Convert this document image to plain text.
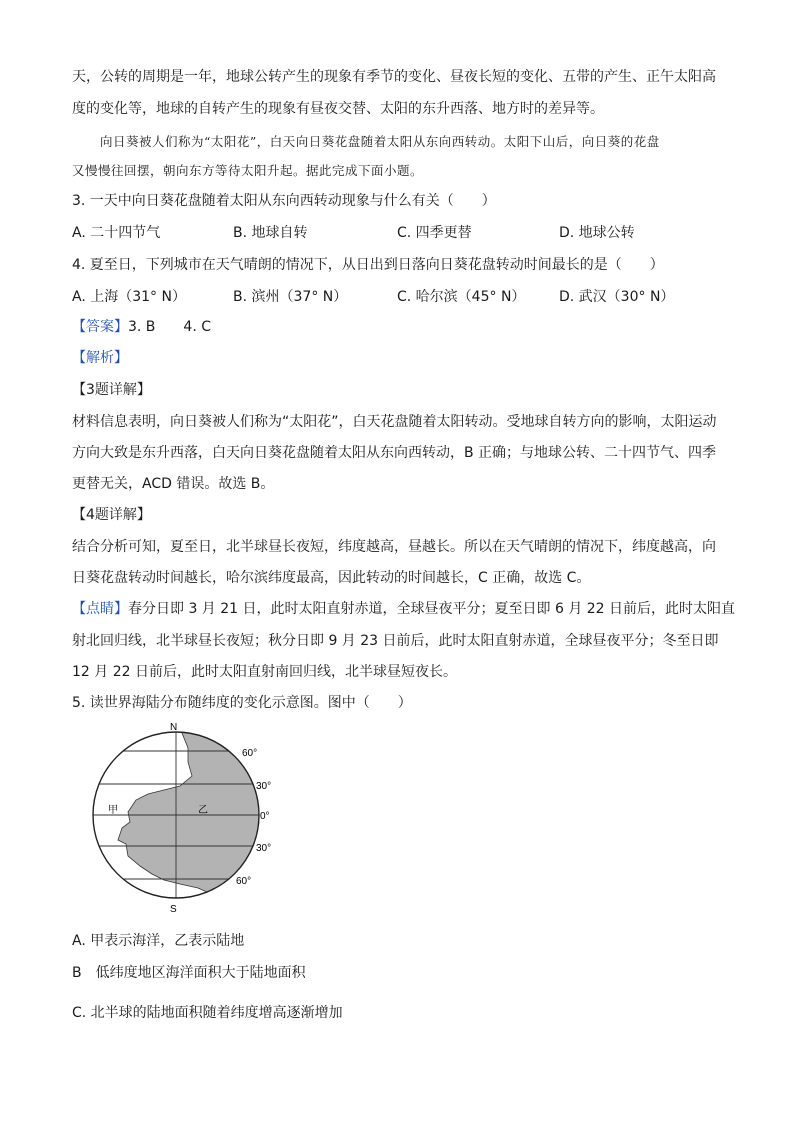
天，公转的周期是一年，地球公转产生的现象有季节的变化、昼夜长短的变化、五带的产生、正午太阳高
度的变化等，地球的自转产生的现象有昼夜交替、太阳的东升西落、地方时的差异等。
向日葵被人们称为“太阳花”，白天向日葵花盘随着太阳从东向西转动。太阳下山后，向日葵的花盘
又慢慢往回摆，朝向东方等待太阳升起。据此完成下面小题。
3. 一天中向日葵花盘随着太阳从东向西转动现象与什么有关（　　）
A. 二十四节气	B. 地球自转	C. 四季更替	D. 地球公转
4. 夏至日，下列城市在天气晴朗的情况下，从日出到日落向日葵花盘转动时间最长的是（　　）
A. 上海（31° N）	B. 滨州（37° N）	C. 哈尔滨（45° N） D. 武汉（30° N）
【答案】3. B　　4. C
【解析】
【3题详解】
材料信息表明，向日葵被人们称为“太阳花”，白天花盘随着太阳转动。受地球自转方向的影响，太阳运动
方向大致是东升西落，白天向日葵花盘随着太阳从东向西转动，B 正确；与地球公转、二十四节气、四季
更替无关，ACD 错误。故选 B。
【4题详解】
结合分析可知，夏至日，北半球昼长夜短，纬度越高，昼越长。所以在天气晴朗的情况下，纬度越高，向
日葵花盘转动时间越长，哈尔滨纬度最高，因此转动的时间越长，C 正确，故选 C。
【点睛】春分日即 3 月 21 日，此时太阳直射赤道，全球昼夜平分；夏至日即 6 月 22 日前后，此时太阳直
射北回归线，北半球昼长夜短；秋分日即 9 月 23 日前后，此时太阳直射赤道，全球昼夜平分；冬至日即
12 月 22 日前后，此时太阳直射南回归线，北半球昼短夜长。
5. 读世界海陆分布随纬度的变化示意图。图中（　　）
N
S
60°
30°
0°
30°
60°
甲	乙
A. 甲表示海洋，乙表示陆地
B　低纬度地区海洋面积大于陆地面积
C. 北半球的陆地面积随着纬度增高逐渐增加
